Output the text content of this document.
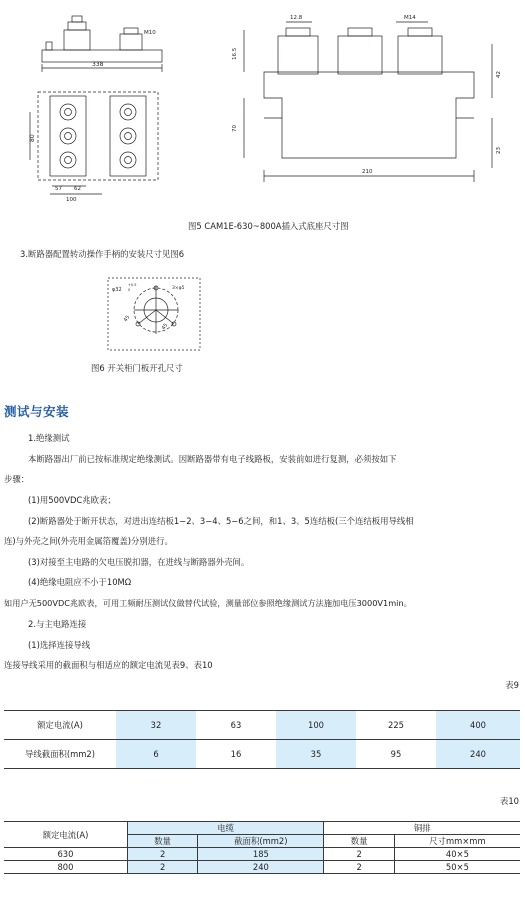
338
M10
80
57 62
100
12.8	M14
16.5
42
70
23
210
图5 CAM1E-630~800A插入式底座尺寸图
3.断路器配置转动操作手柄的安装尺寸见图6
φ32
+0.5
0	3×φ5
45
45
图6 开关柜门板开孔尺寸
测试与安装
1.绝缘测试
本断路器出厂前已按标准规定绝缘测试。因断路器带有电子线路板，安装前如进行复测，必须按如下
步骤：
(1)用500VDC兆欧表；
(2)断路器处于断开状态，对进出连结板1−2、3−4、5−6之间，和1、3、5连结板(三个连结板用导线相
连)与外壳之间(外壳用金属箔覆盖)分别进行。
(3)对接至主电路的欠电压脱扣器，在进线与断路器外壳间。
(4)绝缘电阻应不小于10MΩ
如用户无500VDC兆欧表，可用工频耐压测试仪做替代试验，测量部位参照绝缘测试方法施加电压3000V1min。
2.与主电路连接
(1)选择连接导线
连接导线采用的截面积与相适应的额定电流见表9、表10
表9
额定电流(A)	32	63	100	225	400
导线截面积(mm2)	6	16	35	95	240
表10
额定电流(A)	电缆		铜排	
	数量	截面积(mm2)	数量	尺寸mm×mm
630	2	185	2	40×5
800	2	240	2	50×5
